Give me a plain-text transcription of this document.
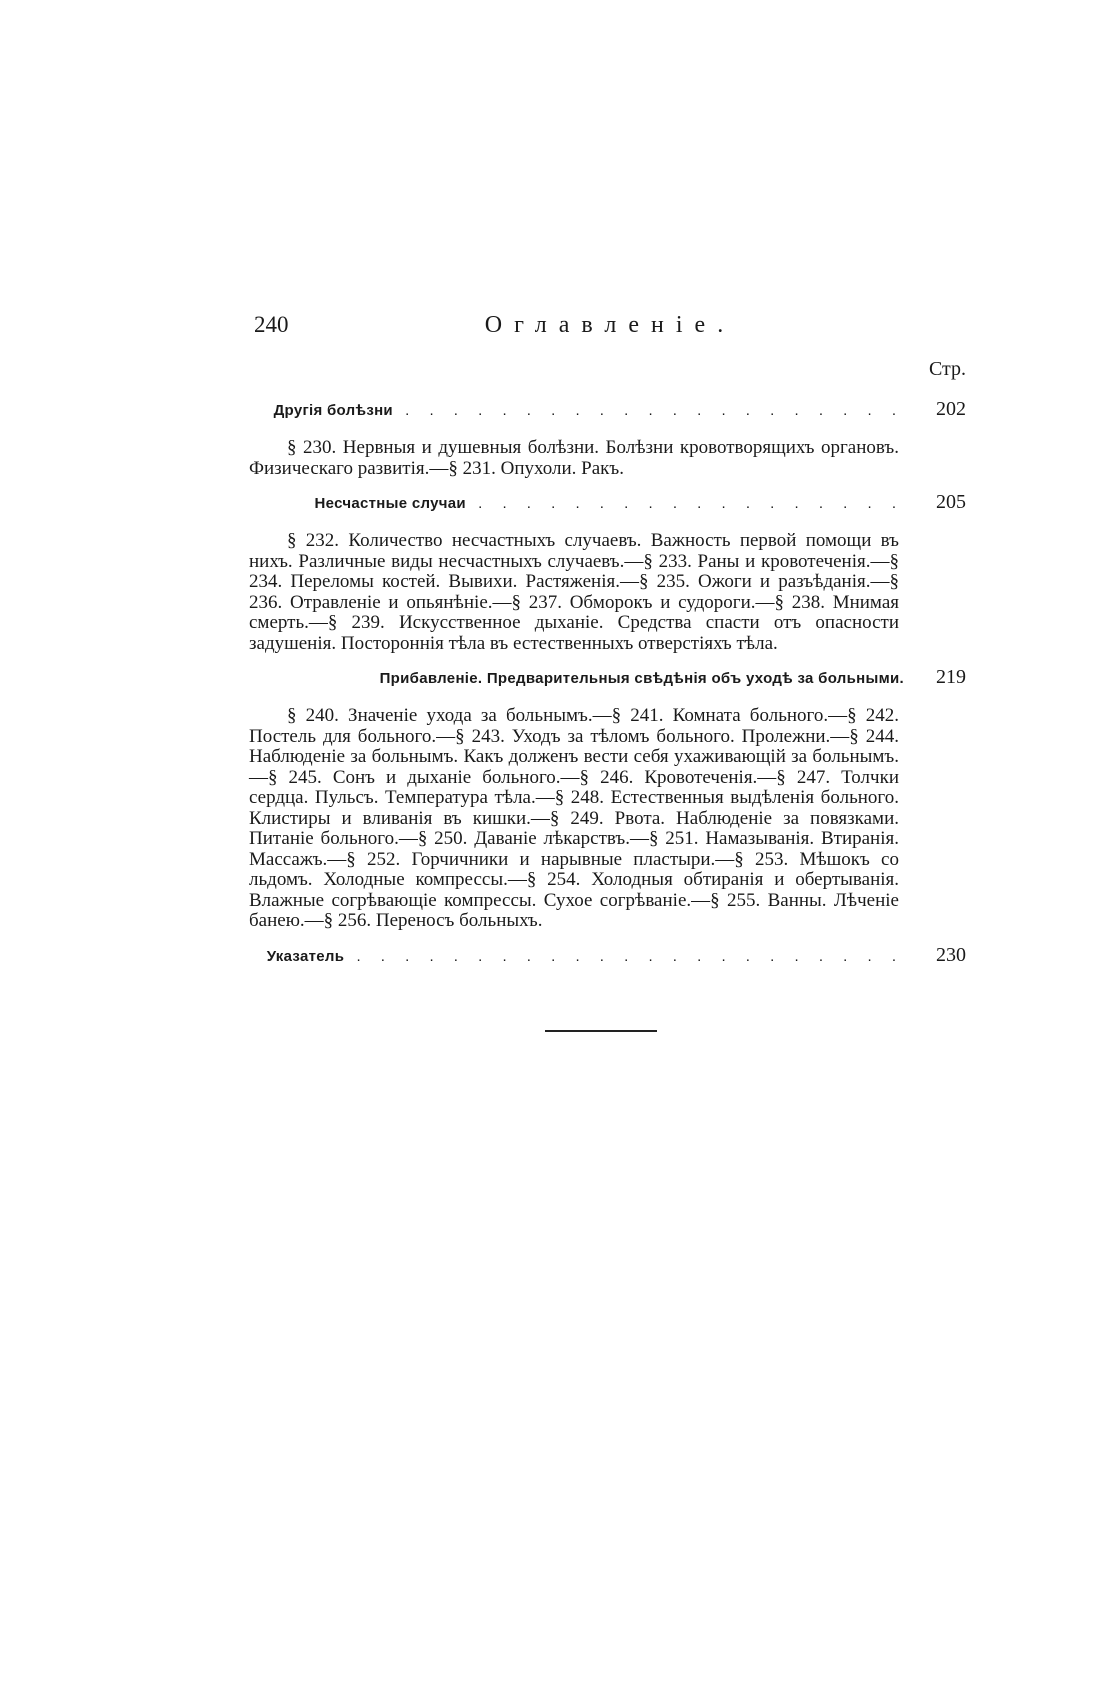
240	Оглавленіе.
Стр.
Другія болѣзни . . . . . . . . . . . . . . . . . . . . .	202
§ 230. Нервныя и душевныя болѣзни. Болѣзни кровотворящихъ органовъ. Физическаго развитія.—§ 231. Опухоли. Ракъ.
Несчастные случаи . . . . . . . . . . . . . . . . . .	205
§ 232. Количество несчастныхъ случаевъ. Важность первой помощи въ нихъ. Различные виды несчастныхъ случаевъ.—§ 233. Раны и кровотеченія.—§ 234. Переломы костей. Вывихи. Растяженія.—§ 235. Ожоги и разъѣданія.—§ 236. Отравленіе и опьянѣніе.—§ 237. Обморокъ и судороги.—§ 238. Мнимая смерть.—§ 239. Искусственное дыханіе. Средства спасти отъ опасности задушенія. Постороннія тѣла въ естественныхъ отверстіяхъ тѣла.
Прибавленіе. Предварительныя свѣдѣнія объ уходѣ за больными.	219
§ 240. Значеніе ухода за больнымъ.—§ 241. Комната больного.—§ 242. Постель для больного.—§ 243. Уходъ за тѣломъ больного. Пролежни.—§ 244. Наблюденіе за больнымъ. Какъ долженъ вести себя ухаживающій за больнымъ.—§ 245. Сонъ и дыханіе больного.—§ 246. Кровотеченія.—§ 247. Толчки сердца. Пульсъ. Температура тѣла.—§ 248. Естественныя выдѣленія больного. Клистиры и вливанія въ кишки.—§ 249. Рвота. Наблюденіе за повязками. Питаніе больного.—§ 250. Даваніе лѣкарствъ.—§ 251. Намазыванія. Втиранія. Массажъ.—§ 252. Горчичники и нарывные пластыри.—§ 253. Мѣшокъ со льдомъ. Холодные компрессы.—§ 254. Холодныя обтиранія и обертыванія. Влажные согрѣвающіе компрессы. Сухое согрѣваніе.—§ 255. Ванны. Лѣченіе банею.—§ 256. Переносъ больныхъ.
Указатель . . . . . . . . . . . . . . . . . . . . . . .	230
